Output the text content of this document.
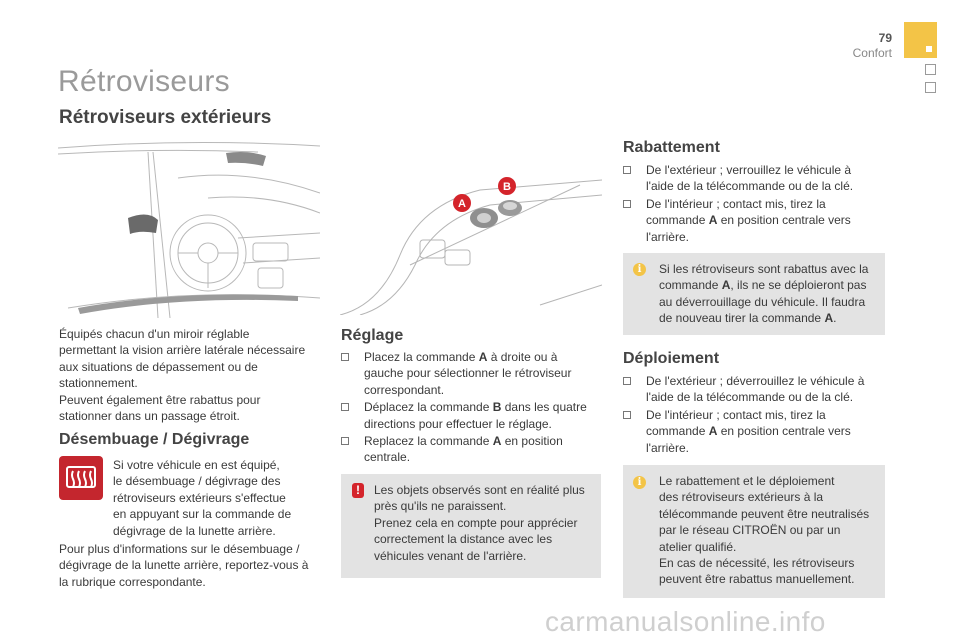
79
Confort
Rétroviseurs
Rétroviseurs extérieurs
A
B
Équipés chacun d'un miroir réglable
permettant la vision arrière latérale nécessaire
aux situations de dépassement ou de
stationnement.
Peuvent également être rabattus pour
stationner dans un passage étroit.
Désembuage / Dégivrage
Si votre véhicule en est équipé,
le désembuage / dégivrage des
rétroviseurs extérieurs s'effectue
en appuyant sur la commande de
dégivrage de la lunette arrière.
Pour plus d'informations sur le désembuage /
dégivrage de la lunette arrière, reportez-vous à
la rubrique correspondante.
Réglage
Placez la commande A à droite ou à
gauche pour sélectionner le rétroviseur
correspondant.
Déplacez la commande B dans les quatre
directions pour effectuer le réglage.
Replacez la commande A en position
centrale.
!	Les objets observés sont en réalité plus
près qu'ils ne paraissent.
Prenez cela en compte pour apprécier
correctement la distance avec les
véhicules venant de l'arrière.
Rabattement
De l'extérieur ; verrouillez le véhicule à
l'aide de la télécommande ou de la clé.
De l'intérieur ; contact mis, tirez la
commande A en position centrale vers
l'arrière.
i	Si les rétroviseurs sont rabattus avec la
commande A, ils ne se déploieront pas
au déverrouillage du véhicule. Il faudra
de nouveau tirer la commande A.
Déploiement
De l'extérieur ; déverrouillez le véhicule à
l'aide de la télécommande ou de la clé.
De l'intérieur ; contact mis, tirez la
commande A en position centrale vers
l'arrière.
i	Le rabattement et le déploiement
des rétroviseurs extérieurs à la
télécommande peuvent être neutralisés
par le réseau CITROËN ou par un
atelier qualifié.
En cas de nécessité, les rétroviseurs
peuvent être rabattus manuellement.
carmanualsonline.info
